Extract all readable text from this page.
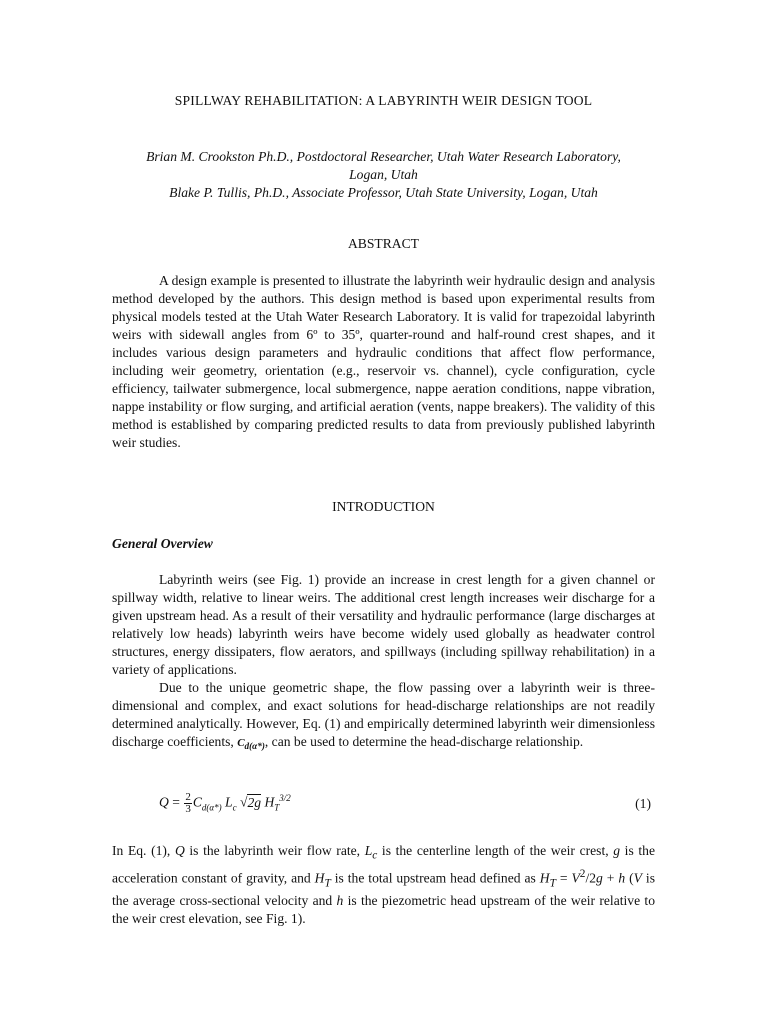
SPILLWAY REHABILITATION: A LABYRINTH WEIR DESIGN TOOL
Brian M. Crookston Ph.D., Postdoctoral Researcher, Utah Water Research Laboratory,
Logan, Utah
Blake P. Tullis, Ph.D., Associate Professor, Utah State University, Logan, Utah
ABSTRACT
A design example is presented to illustrate the labyrinth weir hydraulic design and analysis method developed by the authors. This design method is based upon experimental results from physical models tested at the Utah Water Research Laboratory. It is valid for trapezoidal labyrinth weirs with sidewall angles from 6º to 35º, quarter-round and half-round crest shapes, and it includes various design parameters and hydraulic conditions that affect flow performance, including weir geometry, orientation (e.g., reservoir vs. channel), cycle configuration, cycle efficiency, tailwater submergence, local submergence, nappe aeration conditions, nappe vibration, nappe instability or flow surging, and artificial aeration (vents, nappe breakers). The validity of this method is established by comparing predicted results to data from previously published labyrinth weir studies.
INTRODUCTION
General Overview
Labyrinth weirs (see Fig. 1) provide an increase in crest length for a given channel or spillway width, relative to linear weirs. The additional crest length increases weir discharge for a given upstream head. As a result of their versatility and hydraulic performance (large discharges at relatively low heads) labyrinth weirs have become widely used globally as headwater control structures, energy dissipaters, flow aerators, and spillways (including spillway rehabilitation) in a variety of applications.
Due to the unique geometric shape, the flow passing over a labyrinth weir is three-dimensional and complex, and exact solutions for head-discharge relationships are not readily determined analytically. However, Eq. (1) and empirically determined labyrinth weir dimensionless discharge coefficients, $C_{d(\alpha*)}$, can be used to determine the head-discharge relationship.
$Q = \frac{2}{3} C_{d(\alpha*)}$ $L_c$ √2g $H_T^{3/2}$	(1)
In Eq. (1), Q is the labyrinth weir flow rate, $L_c$ is the centerline length of the weir crest, g is the acceleration constant of gravity, and $H_T$ is the total upstream head defined as $H_T = V^2/2g + h$ (V is the average cross-sectional velocity and h is the piezometric head upstream of the weir relative to the weir crest elevation, see Fig. 1).
